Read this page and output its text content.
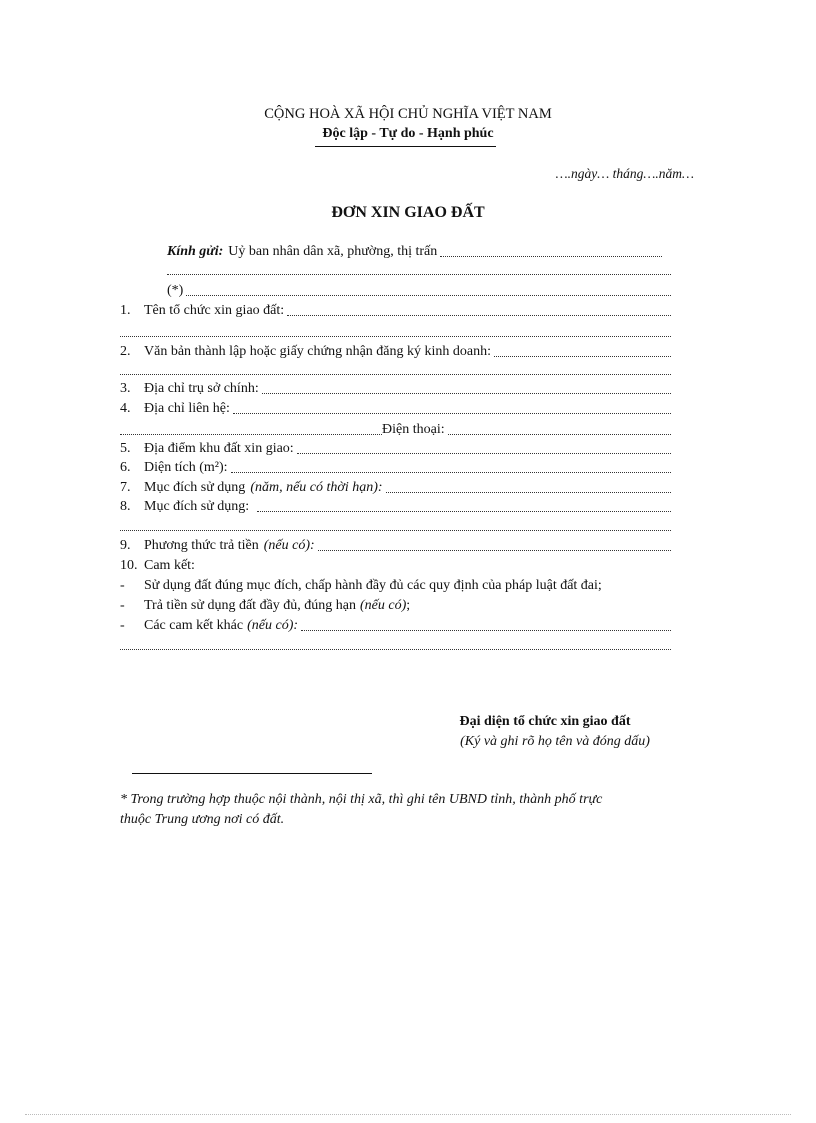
CỘNG HOÀ XÃ HỘI CHỦ NGHĨA VIỆT NAM
Độc lập - Tự do - Hạnh phúc
….ngày… tháng….năm…
ĐƠN XIN GIAO ĐẤT
Kính gửi: Uỷ ban nhân dân xã, phường, thị trấn
(*)
1. Tên tổ chức xin giao đất:
2. Văn bản thành lập hoặc giấy chứng nhận đăng ký kinh doanh:
3. Địa chỉ trụ sở chính:
4. Địa chỉ liên hệ:
Điện thoại:
5. Địa điểm khu đất xin giao:
6. Diện tích (m²):
7. Mục đích sử dụng (năm, nếu có thời hạn):
8. Mục đích sử dụng:
9. Phương thức trả tiền (nếu có):
10. Cam kết:
-	Sử dụng đất đúng mục đích, chấp hành đầy đủ các quy định của pháp luật đất đai;
-	Trả tiền sử dụng đất đầy đủ, đúng hạn (nếu có) ;
-	Các cam kết khác (nếu có):
Đại diện tổ chức xin giao đất
(Ký và ghi rõ họ tên và đóng dấu)
* Trong trường hợp thuộc nội thành, nội thị xã, thì ghi tên UBND tỉnh, thành phố trực
thuộc Trung ương nơi có đất.
